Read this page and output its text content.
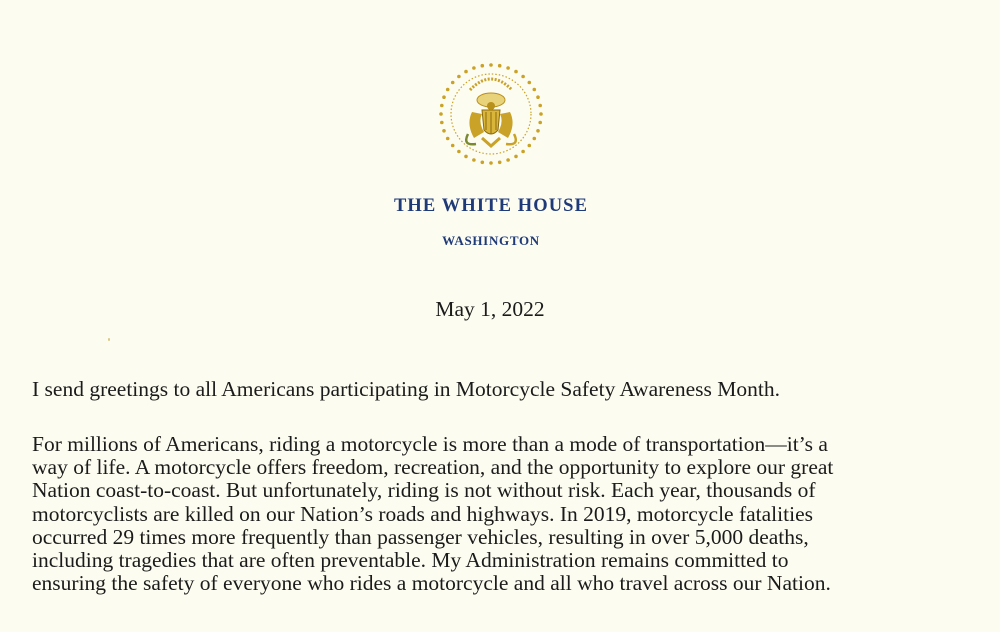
THE WHITE HOUSE
WASHINGTON
May 1, 2022

I send greetings to all Americans participating in Motorcycle Safety Awareness Month.

For millions of Americans, riding a motorcycle is more than a mode of transportation—it’s a
way of life. A motorcycle offers freedom, recreation, and the opportunity to explore our great
Nation coast-to-coast. But unfortunately, riding is not without risk. Each year, thousands of
motorcyclists are killed on our Nation’s roads and highways. In 2019, motorcycle fatalities
occurred 29 times more frequently than passenger vehicles, resulting in over 5,000 deaths,
including tragedies that are often preventable. My Administration remains committed to
ensuring the safety of everyone who rides a motorcycle and all who travel across our Nation.
